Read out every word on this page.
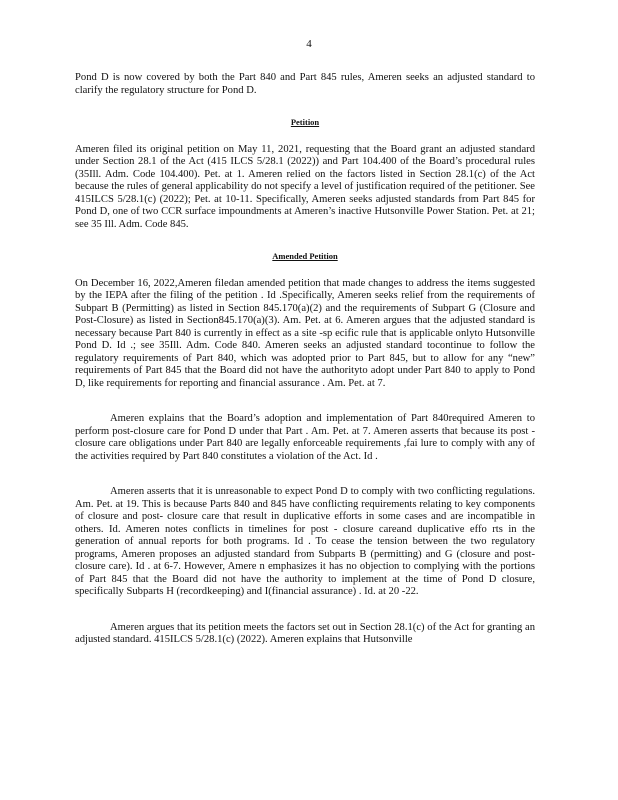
4

Pond D is now covered by both the Part 840 and Part 845 rules, Ameren seeks an adjusted standard to clarify the regulatory structure for Pond D.

Petition

Ameren filed its original petition on May 11, 2021, requesting that the Board grant an adjusted standard under Section 28.1 of the Act (415 ILCS 5/28.1 (2022)) and Part 104.400 of the Board’s procedural rules (35Ill. Adm. Code 104.400). Pet. at 1. Ameren relied on the factors listed in Section 28.1(c) of the Act because the rules of general applicability do not specify a level of justification required of the petitioner. See 415ILCS 5/28.1(c) (2022); Pet. at 10-11. Specifically, Ameren seeks adjusted standards from Part 845 for Pond D, one of two CCR surface impoundments at Ameren’s inactive Hutsonville Power Station. Pet. at 21; see 35 Ill. Adm. Code 845.

Amended Petition

On December 16, 2022,Ameren filedan amended petition that made changes to address the items suggested by the IEPA after the filing of the petition . Id .Specifically, Ameren seeks relief from the requirements of Subpart B (Permitting) as listed in Section 845.170(a)(2) and the requirements of Subpart G (Closure and Post-Closure) as listed in Section845.170(a)(3). Am. Pet. at 6. Ameren argues that the adjusted standard is necessary because Part 840 is currently in effect as a site -sp ecific rule that is applicable onlyto Hutsonville Pond D. Id .; see 35Ill. Adm. Code 840. Ameren seeks an adjusted standard tocontinue to follow the regulatory requirements of Part 840, which was adopted prior to Part 845, but to allow for any “new” requirements of Part 845 that the Board did not have the authorityto adopt under Part 840 to apply to Pond D, like requirements for reporting and financial assurance . Am. Pet. at 7.

Ameren explains that the Board’s adoption and implementation of Part 840required Ameren to perform post-closure care for Pond D under that Part . Am. Pet. at 7. Ameren asserts that because its post -closure care obligations under Part 840 are legally enforceable requirements ,fai lure to comply with any of the activities required by Part 840 constitutes a violation of the Act. Id .

Ameren asserts that it is unreasonable to expect Pond D to comply with two conflicting regulations. Am. Pet. at 19. This is because Parts 840 and 845 have conflicting requirements relating to key components of closure and post- closure care that result in duplicative efforts in some cases and are incompatible in others. Id. Ameren notes conflicts in timelines for post - closure careand duplicative effo rts in the generation of annual reports for both programs. Id . To cease the tension between the two regulatory programs, Ameren proposes an adjusted standard from Subparts B (permitting) and G (closure and post- closure care). Id . at 6-7. However, Amere n emphasizes it has no objection to complying with the portions of Part 845 that the Board did not have the authority to implement at the time of Pond D closure, specifically Subparts H (recordkeeping) and I(financial assurance) . Id. at 20 -22.

Ameren argues that its petition meets the factors set out in Section 28.1(c) of the Act for granting an adjusted standard. 415ILCS 5/28.1(c) (2022). Ameren explains that Hutsonville
